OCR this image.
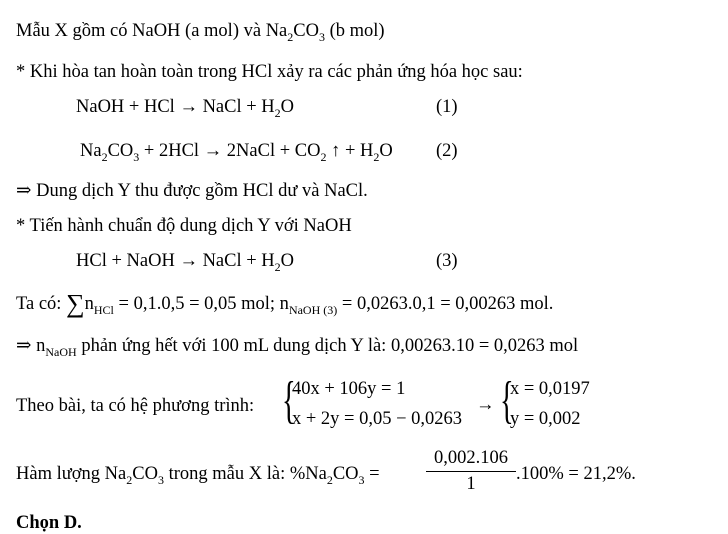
Mẫu X gồm có NaOH (a mol) và $Na_2CO_3$ (b mol)
* Khi hòa tan hoàn toàn trong HCl xảy ra các phản ứng hóa học sau:
NaOH + HCl → NaCl + $H_2O$	(1)
$Na_2CO_3 + 2HCl$ → 2NaCl + $CO_2$ ↑ + $H_2O$ (2)
⇒ Dung dịch Y thu được gồm HCl dư và NaCl.
* Tiến hành chuẩn độ dung dịch Y với NaOH
HCl + NaOH → NaCl + $H_2O$	(3)
Ta có: $\sum n_{HCl} = 0,1.0,5 = 0,05$ mol; $n_{NaOH (3)} = 0,0263.0,1 = 0,00263$ mol.
⇒ $n_{NaOH}$ phản ứng hết với 100 mL dung dịch Y là: 0,00263.10 = 0,0263 mol
Theo bài, ta có hệ phương trình: {
40x + 106y = 1
x + 2y = 0,05 − 0,0263
→ {
x = 0,0197
y = 0,002
Hàm lượng $Na_2CO_3$ trong mẫu X là: $\%Na_2CO_3$ =
0,002.106
1	.100% = 21,2%.
Chọn D.
